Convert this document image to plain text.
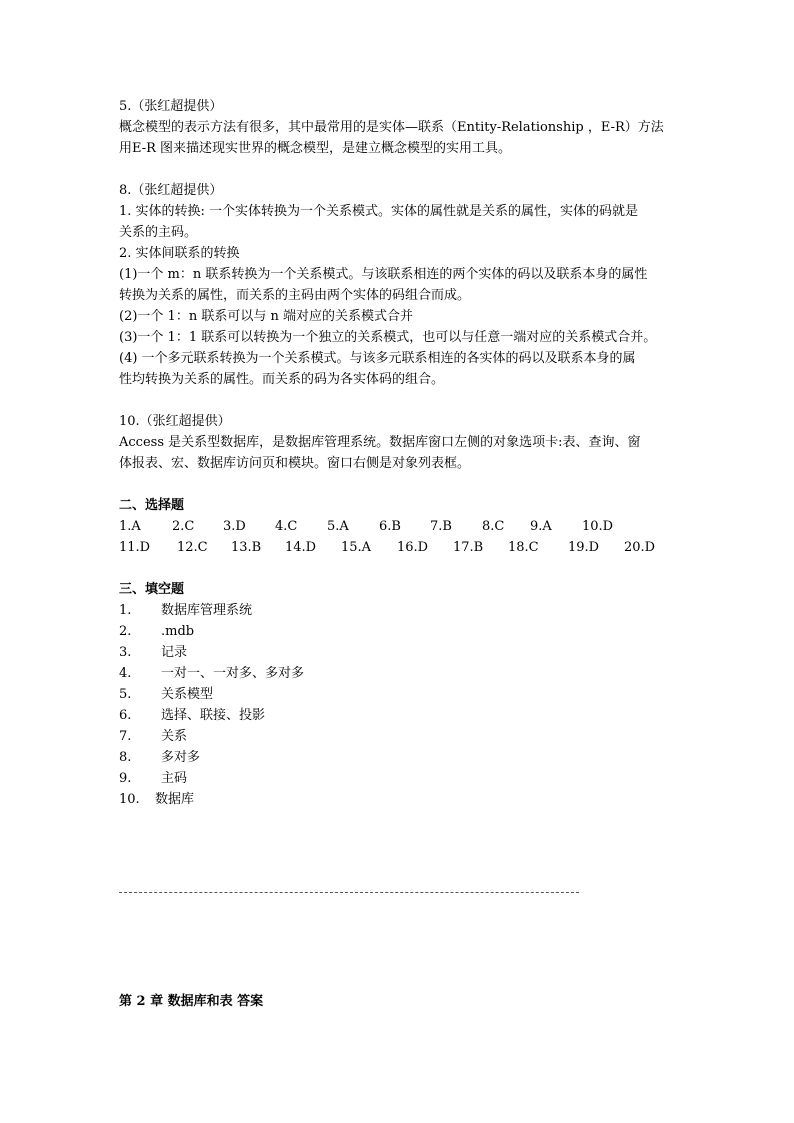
5.（张红超提供）
概念模型的表示方法有很多，其中最常用的是实体—联系（Entity-Relationship ，E-R）方法
用E-R 图来描述现实世界的概念模型，是建立概念模型的实用工具。
8.（张红超提供）
1. 实体的转换: 一个实体转换为一个关系模式。实体的属性就是关系的属性，实体的码就是
关系的主码。
2. 实体间联系的转换
(1)一个 m：n 联系转换为一个关系模式。与该联系相连的两个实体的码以及联系本身的属性
转换为关系的属性，而关系的主码由两个实体的码组合而成。
(2)一个 1：n 联系可以与 n 端对应的关系模式合并
(3)一个 1：1 联系可以转换为一个独立的关系模式，也可以与任意一端对应的关系模式合并。
(4) 一个多元联系转换为一个关系模式。与该多元联系相连的各实体的码以及联系本身的属
性均转换为关系的属性。而关系的码为各实体码的组合。
10.（张红超提供）
Access 是关系型数据库，是数据库管理系统。数据库窗口左侧的对象选项卡:表、查询、窗
体报表、宏、数据库访问页和模块。窗口右侧是对象列表框。
二、选择题
1.A 2.C 3.D 4.C 5.A 6.B 7.B 8.C 9.A 10.D
11.D 12.C 13.B 14.D 15.A 16.D 17.B 18.C 19.D 20.D
三、填空题
1. 数据库管理系统
2. .mdb
3. 记录
4. 一对一、一对多、多对多
5. 关系模型
6. 选择、联接、投影
7. 关系
8. 多对多
9. 主码
10. 数据库
第 2 章 数据库和表 答案
